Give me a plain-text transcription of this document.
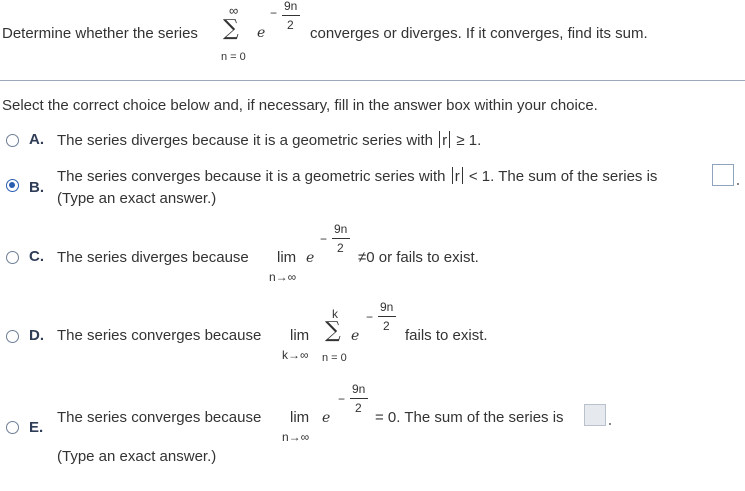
Determine whether the series
∞
∑
n = 0
e
− 9n
2 converges or diverges. If it converges, find its sum.
Select the correct choice below and, if necessary, fill in the answer box within your choice.
A. The series diverges because it is a geometric series with r ≥ 1.
B.
The series converges because it is a geometric series with r < 1. The sum of the series is
(Type an exact answer.)
C. The series diverges because lim
n→∞
e
−
9n
2
≠0 or fails to exist.
D. The series converges because lim
k→∞
k
∑
n = 0
e
−
9n
2
fails to exist.
E.
The series converges because lim
n→∞
e
−
9n
2
= 0. The sum of the series is
(Type an exact answer.)
